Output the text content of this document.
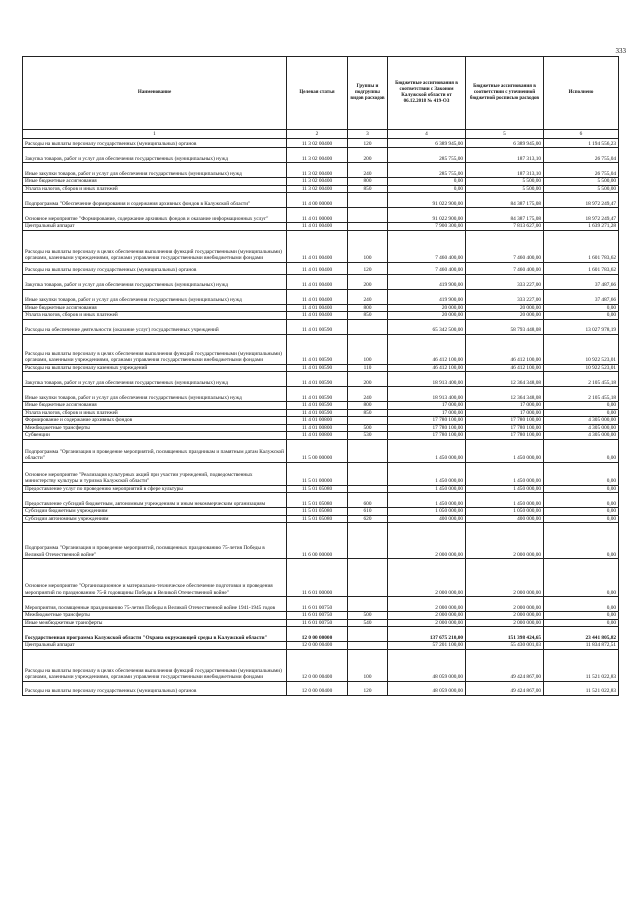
333
Наименование	Целевая статья	Группы и подгруппы видов расходов	Бюджетные ассигнования в соответствии с Законом Калужской области от 06.12.2018 № 419-ОЗ	Бюджетные ассигнования в соответствии с уточненной бюджетной росписью расходов	Исполнено
1	2	3	4	5	6
Расходы на выплаты персоналу государственных (муниципальных) органов	11 3 02 00400	120	6 389 945,00	6 389 945,00	1 194 556,23
Закупка товаров, работ и услуг для обеспечения государственных (муниципальных) нужд	11 3 02 00400	200	285 755,00	187 313,10	26 755,04
Иные закупки товаров, работ и услуг для обеспечения государственных (муниципальных) нужд	11 3 02 00400	240	285 755,00	187 313,10	26 755,04
Иные бюджетные ассигнования	11 3 02 00400	800	0,00	5 500,00	5 500,00
Уплата налогов, сборов и иных платежей	11 3 02 00400	850	0,00	5 500,00	5 500,00
Подпрограмма "Обеспечение формирования и содержания архивных фондов в Калужской области"	11 4 00 00000		91 022 900,00	84 387 175,08	18 972 249,47
Основное мероприятие "Формирование, содержание архивных фондов и оказание информационных услуг"	11 4 01 00000		91 022 900,00	84 387 175,08	18 972 249,47
Центральный аппарат	11 4 01 00400		7 900 300,00	7 813 627,00	1 639 271,28
Расходы на выплаты персоналу в целях обеспечения выполнения функций государственными (муниципальными) органами, казенными учреждениями, органами управления государственными внебюджетными фондами	11 4 01 00400	100	7 460 400,00	7 460 400,00	1 601 783,62
Расходы на выплаты персоналу государственных (муниципальных) органов	11 4 01 00400	120	7 460 400,00	7 460 400,00	1 601 783,62
Закупка товаров, работ и услуг для обеспечения государственных (муниципальных) нужд	11 4 01 00400	200	419 900,00	333 227,00	37 487,66
Иные закупки товаров, работ и услуг для обеспечения государственных (муниципальных) нужд	11 4 01 00400	240	419 900,00	333 227,00	37 487,66
Иные бюджетные ассигнования	11 4 01 00400	800	20 000,00	20 000,00	0,00
Уплата налогов, сборов и иных платежей	11 4 01 00400	850	20 000,00	20 000,00	0,00
Расходы на обеспечение деятельности (оказание услуг) государственных учреждений	11 4 01 00590		65 342 500,00	58 793 448,08	13 027 978,19
Расходы на выплаты персоналу в целях обеспечения выполнения функций государственными (муниципальными) органами, казенными учреждениями, органами управления государственными внебюджетными фондами	11 4 01 00590	100	46 412 100,00	46 412 100,00	10 922 523,01
Расходы на выплаты персоналу казенных учреждений	11 4 01 00590	110	46 412 100,00	46 412 100,00	10 922 523,01
Закупка товаров, работ и услуг для обеспечения государственных (муниципальных) нужд	11 4 01 00590	200	18 913 400,00	12 364 348,08	2 105 455,18
Иные закупки товаров, работ и услуг для обеспечения государственных (муниципальных) нужд	11 4 01 00590	240	18 913 400,00	12 364 348,08	2 105 455,18
Иные бюджетные ассигнования	11 4 01 00590	800	17 000,00	17 000,00	0,00
Уплата налогов, сборов и иных платежей	11 4 01 00590	850	17 000,00	17 000,00	0,00
Формирование и содержание архивных фондов	11 4 01 00800		17 780 100,00	17 780 100,00	4 305 000,00
Межбюджетные трансферты	11 4 01 00800	500	17 780 100,00	17 780 100,00	4 305 000,00
Субвенции	11 4 01 00800	530	17 780 100,00	17 780 100,00	4 305 000,00
Подпрограмма "Организация и проведение мероприятий, посвященных праздникам и памятным датам Калужской области"	11 5 00 00000		1 450 000,00	1 450 000,00	0,00
Основное мероприятие "Реализация культурных акций при участии учреждений, подведомственных министерству культуры и туризма Калужской области"	11 5 01 00000		1 450 000,00	1 450 000,00	0,00
Предоставление услуг по проведению мероприятий в сфере культуры	11 5 01 05080		1 450 000,00	1 450 000,00	0,00
Предоставление субсидий бюджетным, автономным учреждениям и иным некоммерческим организациям	11 5 01 05080	600	1 450 000,00	1 450 000,00	0,00
Субсидии бюджетным учреждениям	11 5 01 05080	610	1 050 000,00	1 050 000,00	0,00
Субсидии автономным учреждениям	11 5 01 05080	620	400 000,00	400 000,00	0,00
Подпрограмма "Организация и проведение мероприятий, посвященных празднованию 75-летия Победы в Великой Отечественной войне"	11 6 00 00000		2 000 000,00	2 000 000,00	0,00
Основное мероприятие "Организационное и материально-техническое обеспечение подготовки и проведения мероприятий по празднованию 75-й годовщины Победы в Великой Отечественной войне"	11 6 01 00000		2 000 000,00	2 000 000,00	0,00
Мероприятия, посвященные празднованию 75-летия Победы в Великой Отечественной войне 1941-1945 годов	11 6 01 00750		2 000 000,00	2 000 000,00	0,00
Межбюджетные трансферты	11 6 01 00750	500	2 000 000,00	2 000 000,00	0,00
Иные межбюджетные трансферты	11 6 01 00750	540	2 000 000,00	2 000 000,00	0,00
Государственная программа Калужской области "Охрана окружающей среды в Калужской области"	12 0 00 00000		137 675 210,00	151 398 424,65	23 441 805,82
Центральный аппарат	12 0 00 00400		57 201 100,00	55 430 001,03	11 834 872,51
Расходы на выплаты персоналу в целях обеспечения выполнения функций государственными (муниципальными) органами, казенными учреждениями, органами управления государственными внебюджетными фондами	12 0 00 00400	100	48 059 000,00	49 424 867,00	11 521 022,83
Расходы на выплаты персоналу государственных (муниципальных) органов	12 0 00 00400	120	48 059 000,00	49 424 867,00	11 521 022,83
